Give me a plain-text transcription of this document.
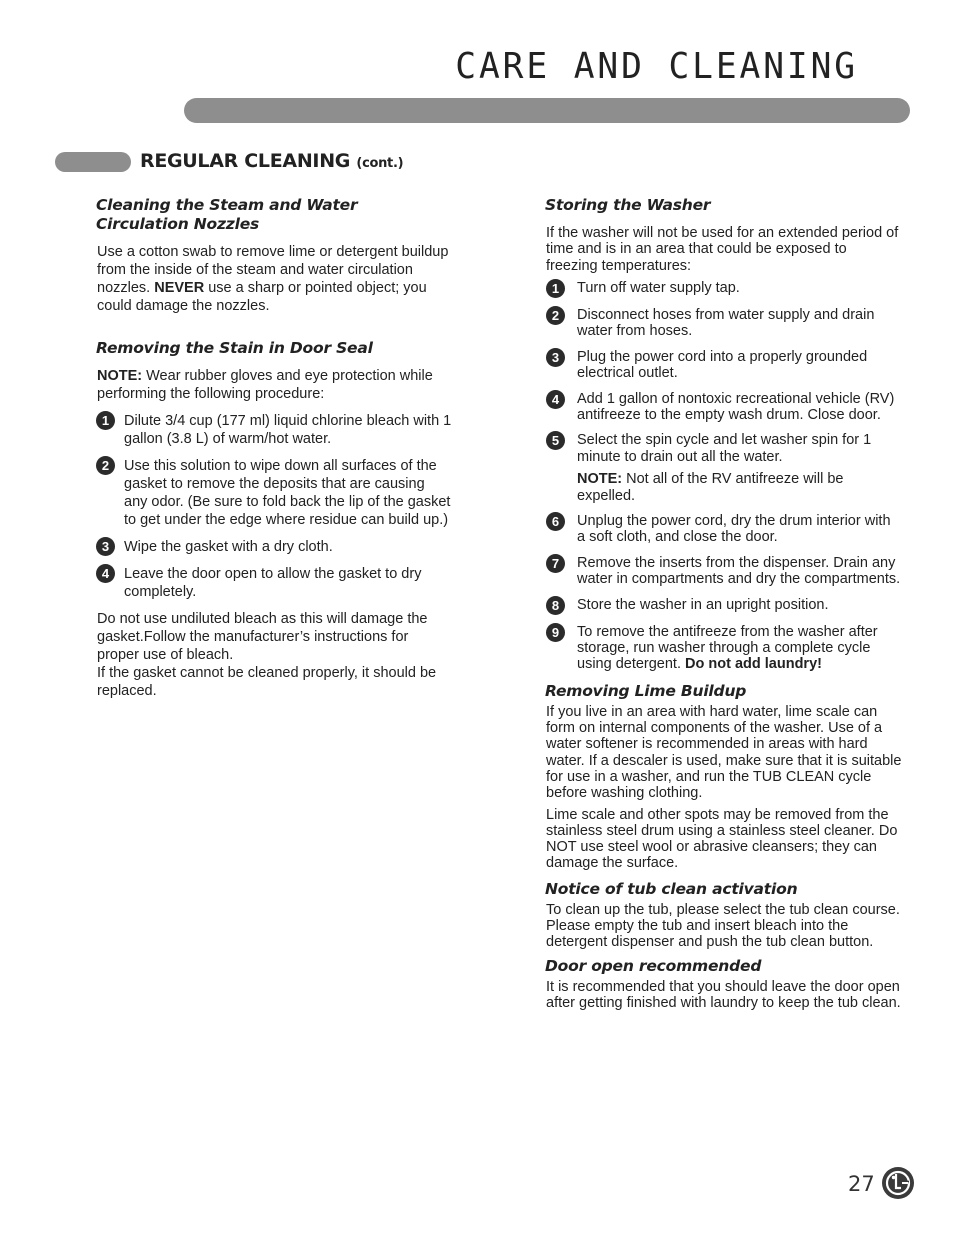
CARE AND CLEANING
REGULAR CLEANING (cont.)
Cleaning the Steam and Water Circulation Nozzles

Use a cotton swab to remove lime or detergent buildup from the inside of the steam and water circulation nozzles. NEVER use a sharp or pointed object; you could damage the nozzles.

Removing the Stain in Door Seal

NOTE: Wear rubber gloves and eye protection while performing the following procedure:

1	Dilute 3/4 cup (177 ml) liquid chlorine bleach with 1 gallon (3.8 L) of warm/hot water.
2	Use this solution to wipe down all surfaces of the gasket to remove the deposits that are causing any odor. (Be sure to fold back the lip of the gasket to get under the edge where residue can build up.)
3	Wipe the gasket with a dry cloth.
4	Leave the door open to allow the gasket to dry completely.

Do not use undiluted bleach as this will damage the gasket.Follow the manufacturer’s instructions for proper use of bleach.

If the gasket cannot be cleaned properly, it should be replaced.

Storing the Washer

If the washer will not be used for an extended period of time and is in an area that could be exposed to freezing temperatures:

1	Turn off water supply tap.
2	Disconnect hoses from water supply and drain water from hoses.
3	Plug the power cord into a properly grounded electrical outlet.
4	Add 1 gallon of nontoxic recreational vehicle (RV) antifreeze to the empty wash drum. Close door.
5	Select the spin cycle and let washer spin for 1 minute to drain out all the water.
NOTE: Not all of the RV antifreeze will be expelled.
6	Unplug the power cord, dry the drum interior with a soft cloth, and close the door.
7	Remove the inserts from the dispenser. Drain any water in compartments and dry the compartments.
8	Store the washer in an upright position.
9	To remove the antifreeze from the washer after storage, run washer through a complete cycle using detergent. Do not add laundry!
Removing Lime Buildup

If you live in an area with hard water, lime scale can form on internal components of the washer. Use of a water softener is recommended in areas with hard water. If a descaler is used, make sure that it is suitable for use in a washer, and run the TUB CLEAN cycle before washing clothing.

Lime scale and other spots may be removed from the stainless steel drum using a stainless steel cleaner. Do NOT use steel wool or abrasive cleansers; they can damage the surface.

Notice of tub clean activation

To clean up the tub, please select the tub clean course. Please empty the tub and insert bleach into the detergent dispenser and push the tub clean button.

Door open recommended

It is recommended that you should leave the door open after getting finished with laundry to keep the tub clean.

27
